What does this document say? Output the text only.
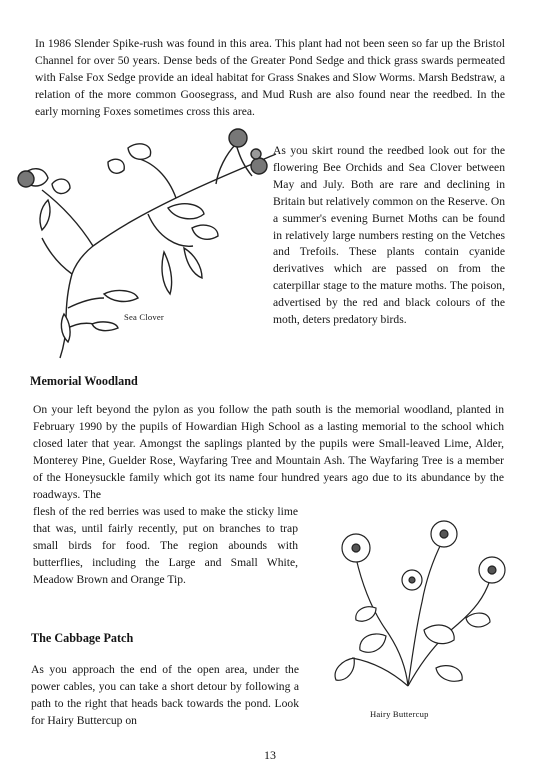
In 1986 Slender Spike-rush was found in this area. This plant had not been seen so far up the Bristol Channel for over 50 years. Dense beds of the Greater Pond Sedge and thick grass swards permeated with False Fox Sedge provide an ideal habitat for Grass Snakes and Slow Worms. Marsh Bedstraw, a relation of the more common Goosegrass, and Mud Rush are also found near the reedbed. In the early morning Foxes sometimes cross this area.

Sea Clover

As you skirt round the reedbed look out for the flowering Bee Orchids and Sea Clover between May and July. Both are rare and declining in Britain but relatively common on the Reserve. On a summer's evening Burnet Moths can be found in relatively large numbers resting on the Vetches and Trefoils. These plants contain cyanide derivatives which are passed on from the caterpillar stage to the mature moths. The poison, advertised by the red and black colours of the moth, deters predatory birds.

Memorial Woodland

On your left beyond the pylon as you follow the path south is the memorial woodland, planted in February 1990 by the pupils of Howardian High School as a lasting memorial to the school which closed later that year. Amongst the saplings planted by the pupils were Small-leaved Lime, Alder, Monterey Pine, Guelder Rose, Wayfaring Tree and Mountain Ash. The Wayfaring Tree is a member of the Honeysuckle family which got its name four hundred years ago due to its abundance by the roadways. The

flesh of the red berries was used to make the sticky lime that was, until fairly recently, put on branches to trap small birds for food. The region abounds with butterflies, including the Large and Small White, Meadow Brown and Orange Tip.

Hairy Buttercup
The Cabbage Patch

As you approach the end of the open area, under the power cables, you can take a short detour by following a path to the right that heads back towards the pond. Look for Hairy Buttercup on

13
